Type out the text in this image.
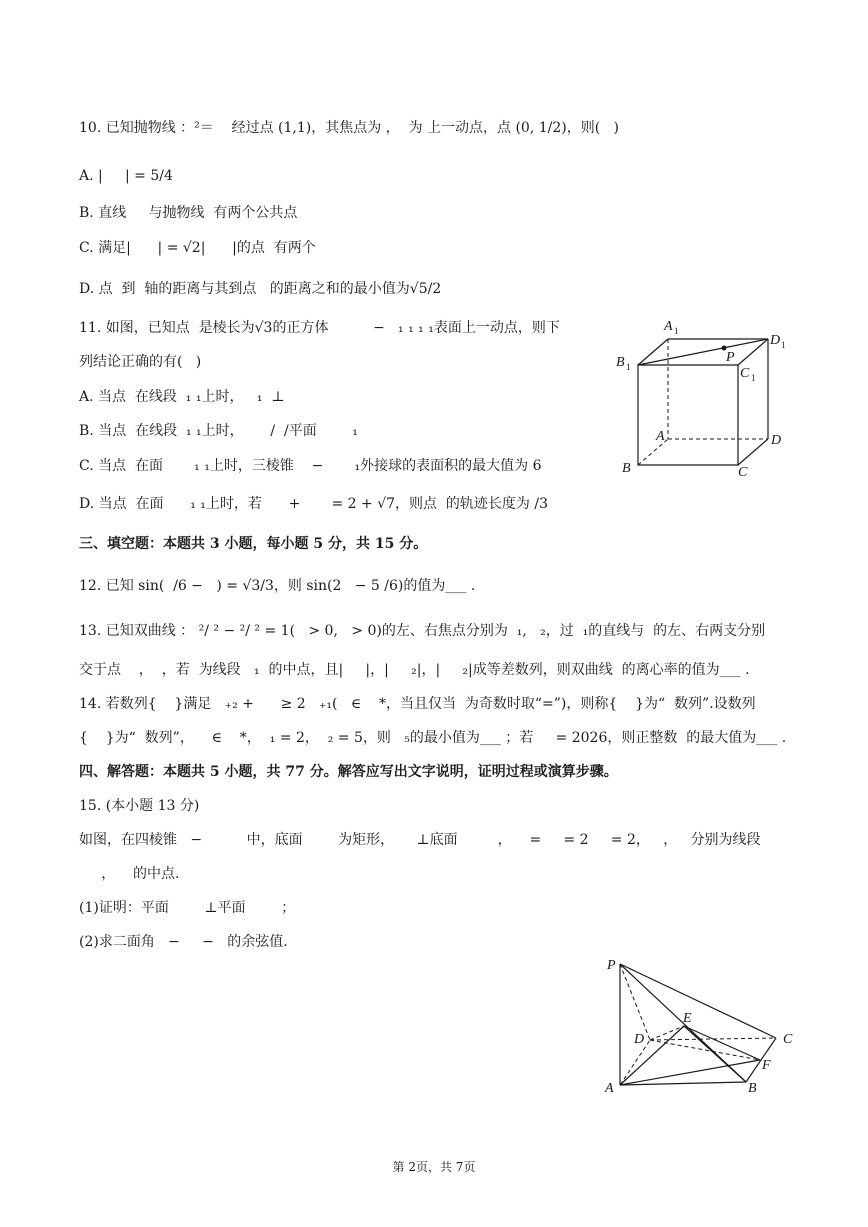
10. 已知抛物线 ：²＝    经过点 (1,1)，其焦点为 ，  为 上一动点，点 (0, 1/2)，则(   )
A. |     | = 5/4
B. 直线     与抛物线  有两个公共点
C. 满足|      | = √2|      |的点  有两个
D. 点  到  轴的距离与其到点   的距离之和的最小值为√5/2
11. 如图，已知点  是棱长为√3的正方体          −   ₁ ₁ ₁ ₁表面上一动点，则下
列结论正确的有(   )
A. 当点  在线段  ₁ ₁上时，   ₁  ⊥
B. 当点  在线段  ₁ ₁上时，      /  /平面        ₁
C. 当点  在面       ₁ ₁上时，三棱锥    −       ₁外接球的表面积的最大值为 6
D. 当点  在面      ₁ ₁上时，若      +       = 2 + √7，则点  的轨迹长度为 /3
三、填空题：本题共 3 小题，每小题 5 分，共 15 分。
12. 已知 sin(  /6 −   ) = √3/3，则 sin(2   − 5 /6)的值为___ .
13. 已知双曲线 ： ²/ ² − ²/ ² = 1(   > 0,   > 0)的左、右焦点分别为  ₁,   ₂，过  ₁的直线与  的左、右两支分别
交于点    ，  ，若  为线段   ₁  的中点，且|     |，|     ₂|，|     ₂|成等差数列，则双曲线  的离心率的值为___ .
14. 若数列{    }满足   ₊₂ +      ≥ 2   ₊₁(   ∈    *，当且仅当  为奇数时取“=”)，则称{    }为“  数列”.设数列
{    }为“  数列”，    ∈    *，  ₁ = 2，  ₂ = 5，则   ₅的最小值为___ ；若     = 2026，则正整数  的最大值为___ .
四、解答题：本题共 5 小题，共 77 分。解答应写出文字说明，证明过程或演算步骤。
15. (本小题 13 分)
如图，在四棱锥   −          中，底面        为矩形，     ⊥底面         ，    =     = 2     = 2，   ，   分别为线段
，    的中点.
(1)证明：平面        ⊥平面        ；
(2)求二面角   −     −   的余弦值.
A 1
D 1
B 1
P
C 1
A	D
B	C
P
E
C
D
F
A	B
第 2页，共 7页
